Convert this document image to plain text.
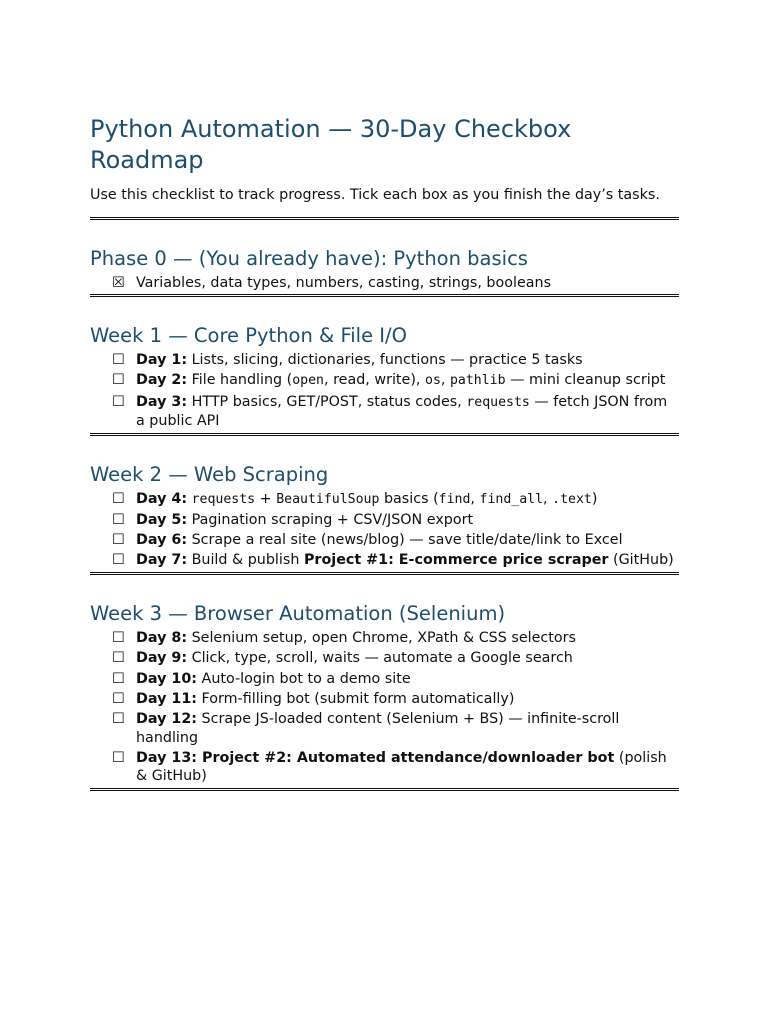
Python Automation — 30-Day Checkbox Roadmap

Use this checklist to track progress. Tick each box as you finish the day’s tasks.

Phase 0 — (You already have): Python basics
☒ Variables, data types, numbers, casting, strings, booleans
Week 1 — Core Python & File I/O
☐ Day 1: Lists, slicing, dictionaries, functions — practice 5 tasks
☐ Day 2: File handling (open, read, write), os, pathlib — mini cleanup script
☐ Day 3: HTTP basics, GET/POST, status codes, requests — fetch JSON from a public API
Week 2 — Web Scraping
☐ Day 4: requests + BeautifulSoup basics (find, find_all, .text)
☐ Day 5: Pagination scraping + CSV/JSON export
☐ Day 6: Scrape a real site (news/blog) — save title/date/link to Excel
☐ Day 7: Build & publish Project #1: E-commerce price scraper (GitHub)
Week 3 — Browser Automation (Selenium)
☐ Day 8: Selenium setup, open Chrome, XPath & CSS selectors
☐ Day 9: Click, type, scroll, waits — automate a Google search
☐ Day 10: Auto-login bot to a demo site
☐ Day 11: Form-filling bot (submit form automatically)
☐ Day 12: Scrape JS-loaded content (Selenium + BS) — infinite-scroll handling
☐ Day 13: Project #2: Automated attendance/downloader bot (polish & GitHub)
